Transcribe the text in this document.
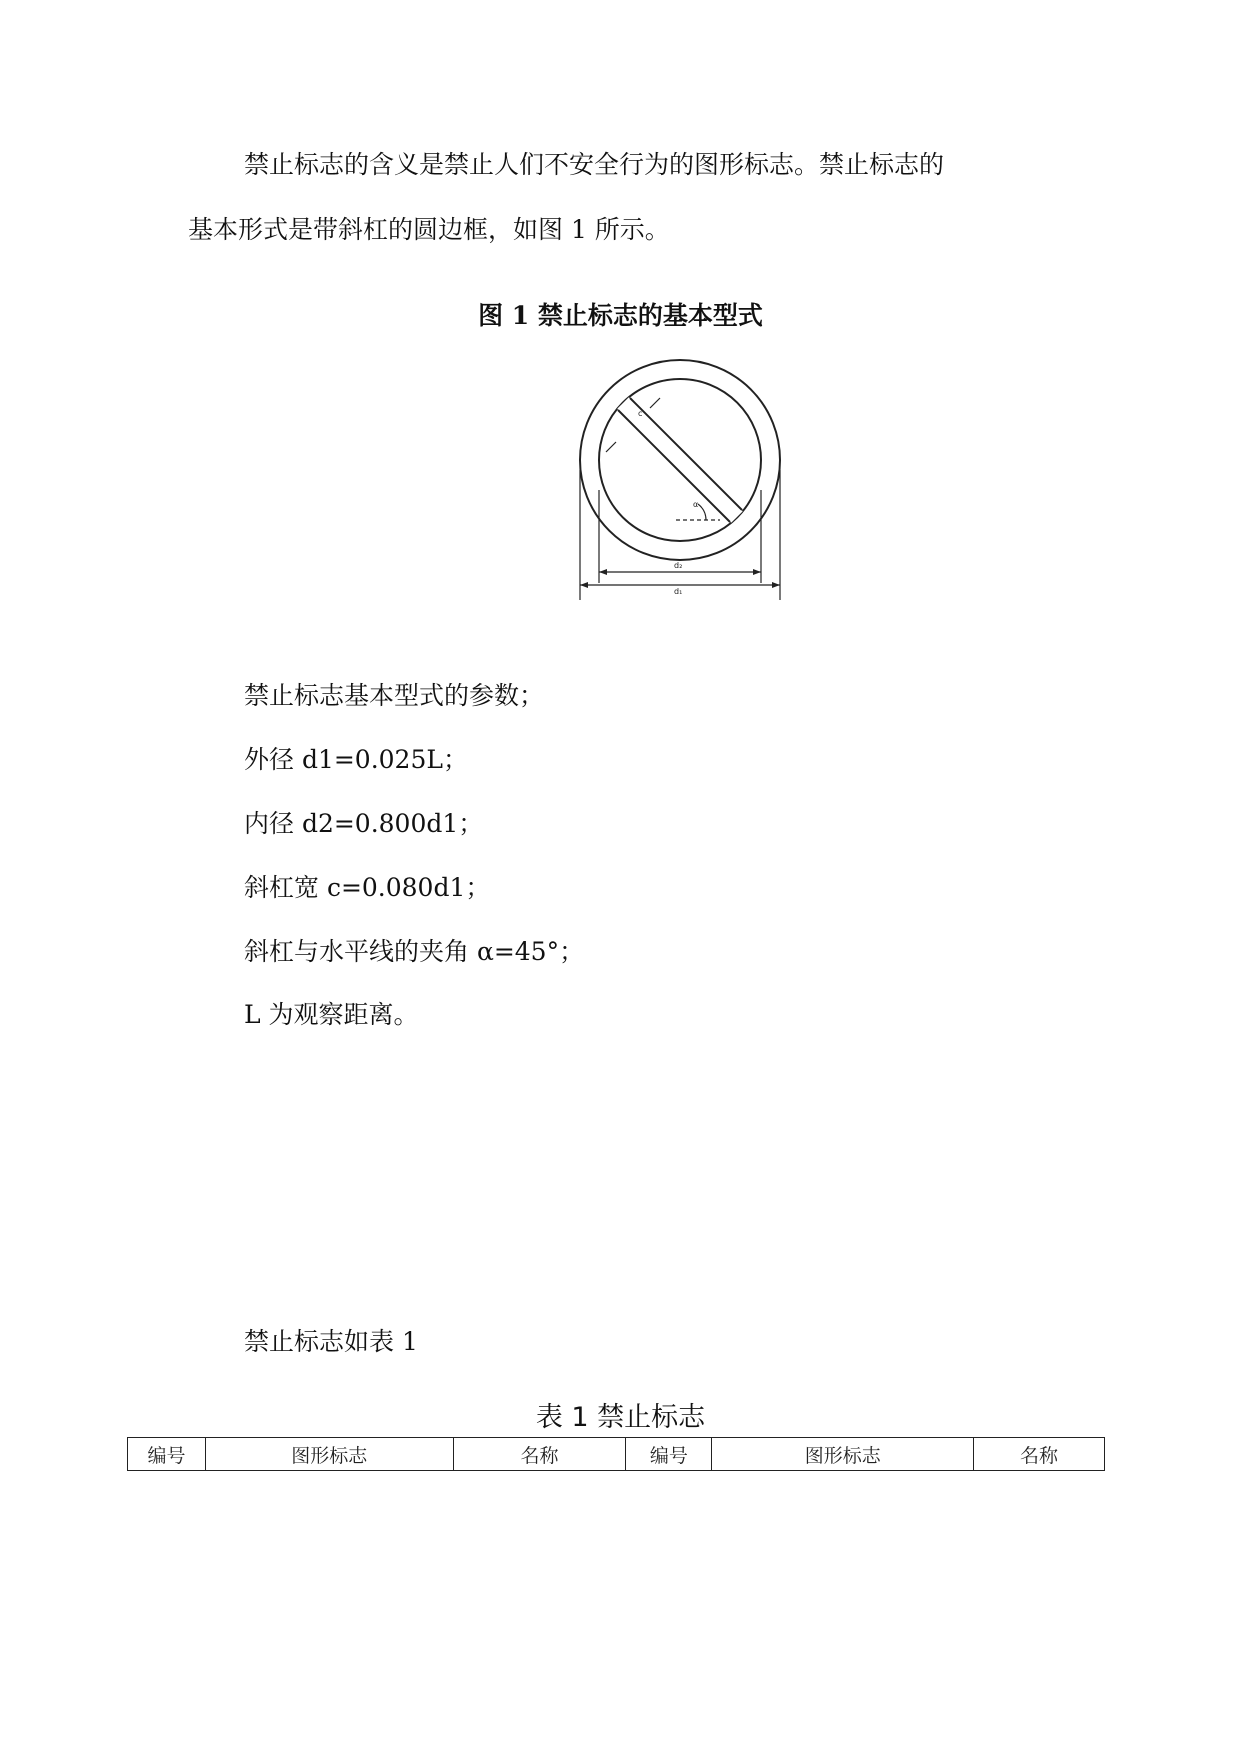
禁止标志的含义是禁止人们不安全行为的图形标志。禁止标志的
基本形式是带斜杠的圆边框，如图 1 所示。
图 1 禁止标志的基本型式
c
α
d₂
d₁
禁止标志基本型式的参数；
外径 d1=0.025L；
内径 d2=0.800d1；
斜杠宽 c=0.080d1；
斜杠与水平线的夹角 α=45°；
L 为观察距离。
禁止标志如表 1
表 1 禁止标志
编号	图形标志	名称	编号	图形标志	名称
